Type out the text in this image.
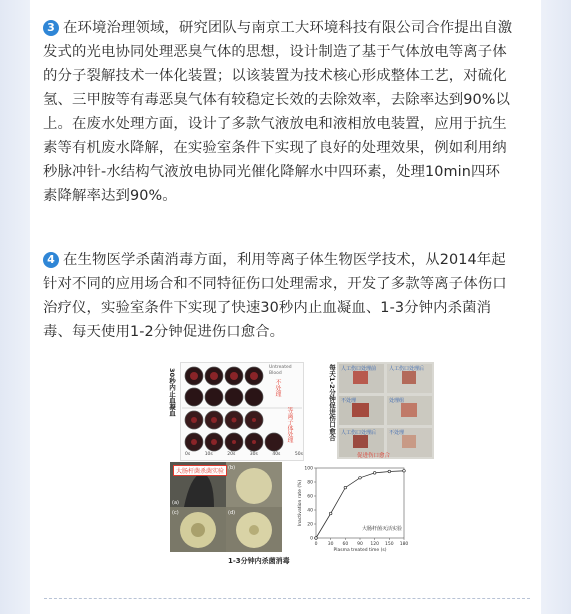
3 在环境治理领域，研究团队与南京工大环境科技有限公司合作提出自激发式的光电协同处理恶臭气体的思想，设计制造了基于气体放电等离子体的分子裂解技术一体化装置；以该装置为技术核心形成整体工艺，对硫化氢、三甲胺等有毒恶臭气体有较稳定长效的去除效率，去除率达到90%以上。在废水处理方面，设计了多款气液放电和液相放电装置，应用于抗生素等有机废水降解，在实验室条件下实现了良好的处理效果，例如利用纳秒脉冲针-水结构气液放电协同光催化降解水中四环素，处理10min四环素降解率达到90%。

4 在生物医学杀菌消毒方面，利用等离子体生物医学技术，从2014年起针对不同的应用场合和不同特征伤口处理需求，开发了多款等离子体伤口治疗仪，实验室条件下实现了快速30秒内止血凝血、1-3分钟内杀菌消毒、每天使用1-2分钟促进伤口愈合。

30秒内止血凝血
Untreated
Blood
不处理
等离子体处理
0s	10s	20s	30s	40s	50s
每天1-2分钟促进伤口愈合 人工伤口处理前	人工伤口处理后
不处理	处理组
人工伤口处理后	不处理
促进伤口愈合
大肠杆菌杀菌实验
(a)
(b)
(c)	(d)
1-3分钟内杀菌消毒
0 30 60 90 120 150 180
0
20
40
60
80
100
Plasma treated time (s)
Inactivation rate (%)
大肠杆菌灭活实验
